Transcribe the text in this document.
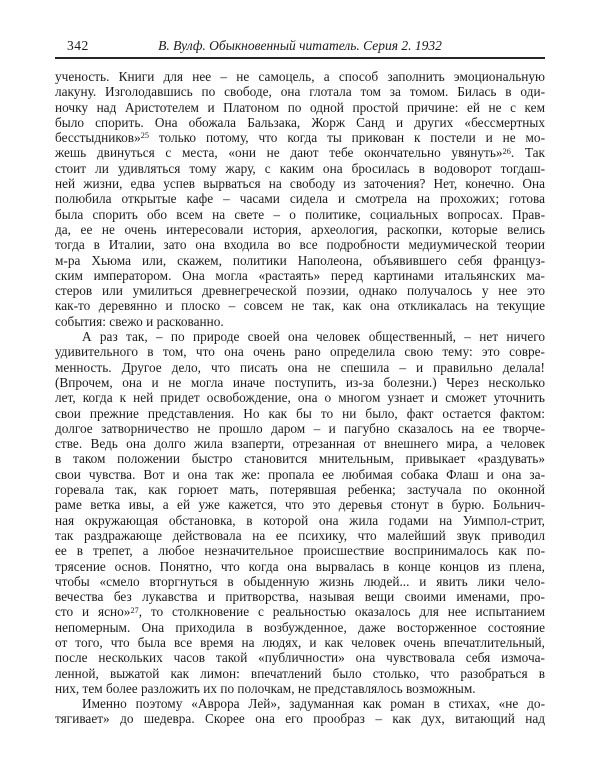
342	В. Вулф. Обыкновенный читатель. Серия 2. 1932
ученость. Книги для нее – не самоцель, а способ заполнить эмоциональную
лакуну. Изголодавшись по свободе, она глотала том за томом. Билась в оди-
ночку над Аристотелем и Платоном по одной простой причине: ей не с кем
было спорить. Она обожала Бальзака, Жорж Санд и других «бессмертных
бесстыдников»$^{25}$ только потому, что когда ты прикован к постели и не мо-
жешь двинуться с места, «они не дают тебе окончательно увянуть»$^{26}$. Так
стоит ли удивляться тому жару, с каким она бросилась в водоворот тогдаш-
ней жизни, едва успев вырваться на свободу из заточения? Нет, конечно. Она
полюбила открытые кафе – часами сидела и смотрела на прохожих; готова
была спорить обо всем на свете – о политике, социальных вопросах. Прав-
да, ее не очень интересовали история, археология, раскопки, которые велись
тогда в Италии, зато она входила во все подробности медиумической теории
м-ра Хьюма или, скажем, политики Наполеона, объявившего себя француз-
ским императором. Она могла «растаять» перед картинами итальянских ма-
стеров или умилиться древнегреческой поэзии, однако получалось у нее это
как-то деревянно и плоско – совсем не так, как она откликалась на текущие
события: свежо и раскованно.
А раз так, – по природе своей она человек общественный, – нет ничего
удивительного в том, что она очень рано определила свою тему: это совре-
менность. Другое дело, что писать она не спешила – и правильно делала!
(Впрочем, она и не могла иначе поступить, из-за болезни.) Через несколько
лет, когда к ней придет освобождение, она о многом узнает и сможет уточнить
свои прежние представления. Но как бы то ни было, факт остается фактом:
долгое затворничество не прошло даром – и пагубно сказалось на ее творче-
стве. Ведь она долго жила взаперти, отрезанная от внешнего мира, а человек
в таком положении быстро становится мнительным, привыкает «раздувать»
свои чувства. Вот и она так же: пропала ее любимая собака Флаш и она за-
горевала так, как горюет мать, потерявшая ребенка; застучала по оконной
раме ветка ивы, а ей уже кажется, что это деревья стонут в бурю. Больнич-
ная окружающая обстановка, в которой она жила годами на Уимпол-стрит,
так раздражающе действовала на ее психику, что малейший звук приводил
ее в трепет, а любое незначительное происшествие воспринималось как по-
трясение основ. Понятно, что когда она вырвалась в конце концов из плена,
чтобы «смело вторгнуться в обыденную жизнь людей... и явить лики чело-
вечества без лукавства и притворства, называя вещи своими именами, про-
сто и ясно»$^{27}$, то столкновение с реальностью оказалось для нее испытанием
непомерным. Она приходила в возбужденное, даже восторженное состояние
от того, что была все время на людях, и как человек очень впечатлительный,
после нескольких часов такой «публичности» она чувствовала себя измоча-
ленной, выжатой как лимон: впечатлений было столько, что разобраться в
них, тем более разложить их по полочкам, не представлялось возможным.
Именно поэтому «Аврора Лей», задуманная как роман в стихах, «не до-
тягивает» до шедевра. Скорее она его прообраз – как дух, витающий над
